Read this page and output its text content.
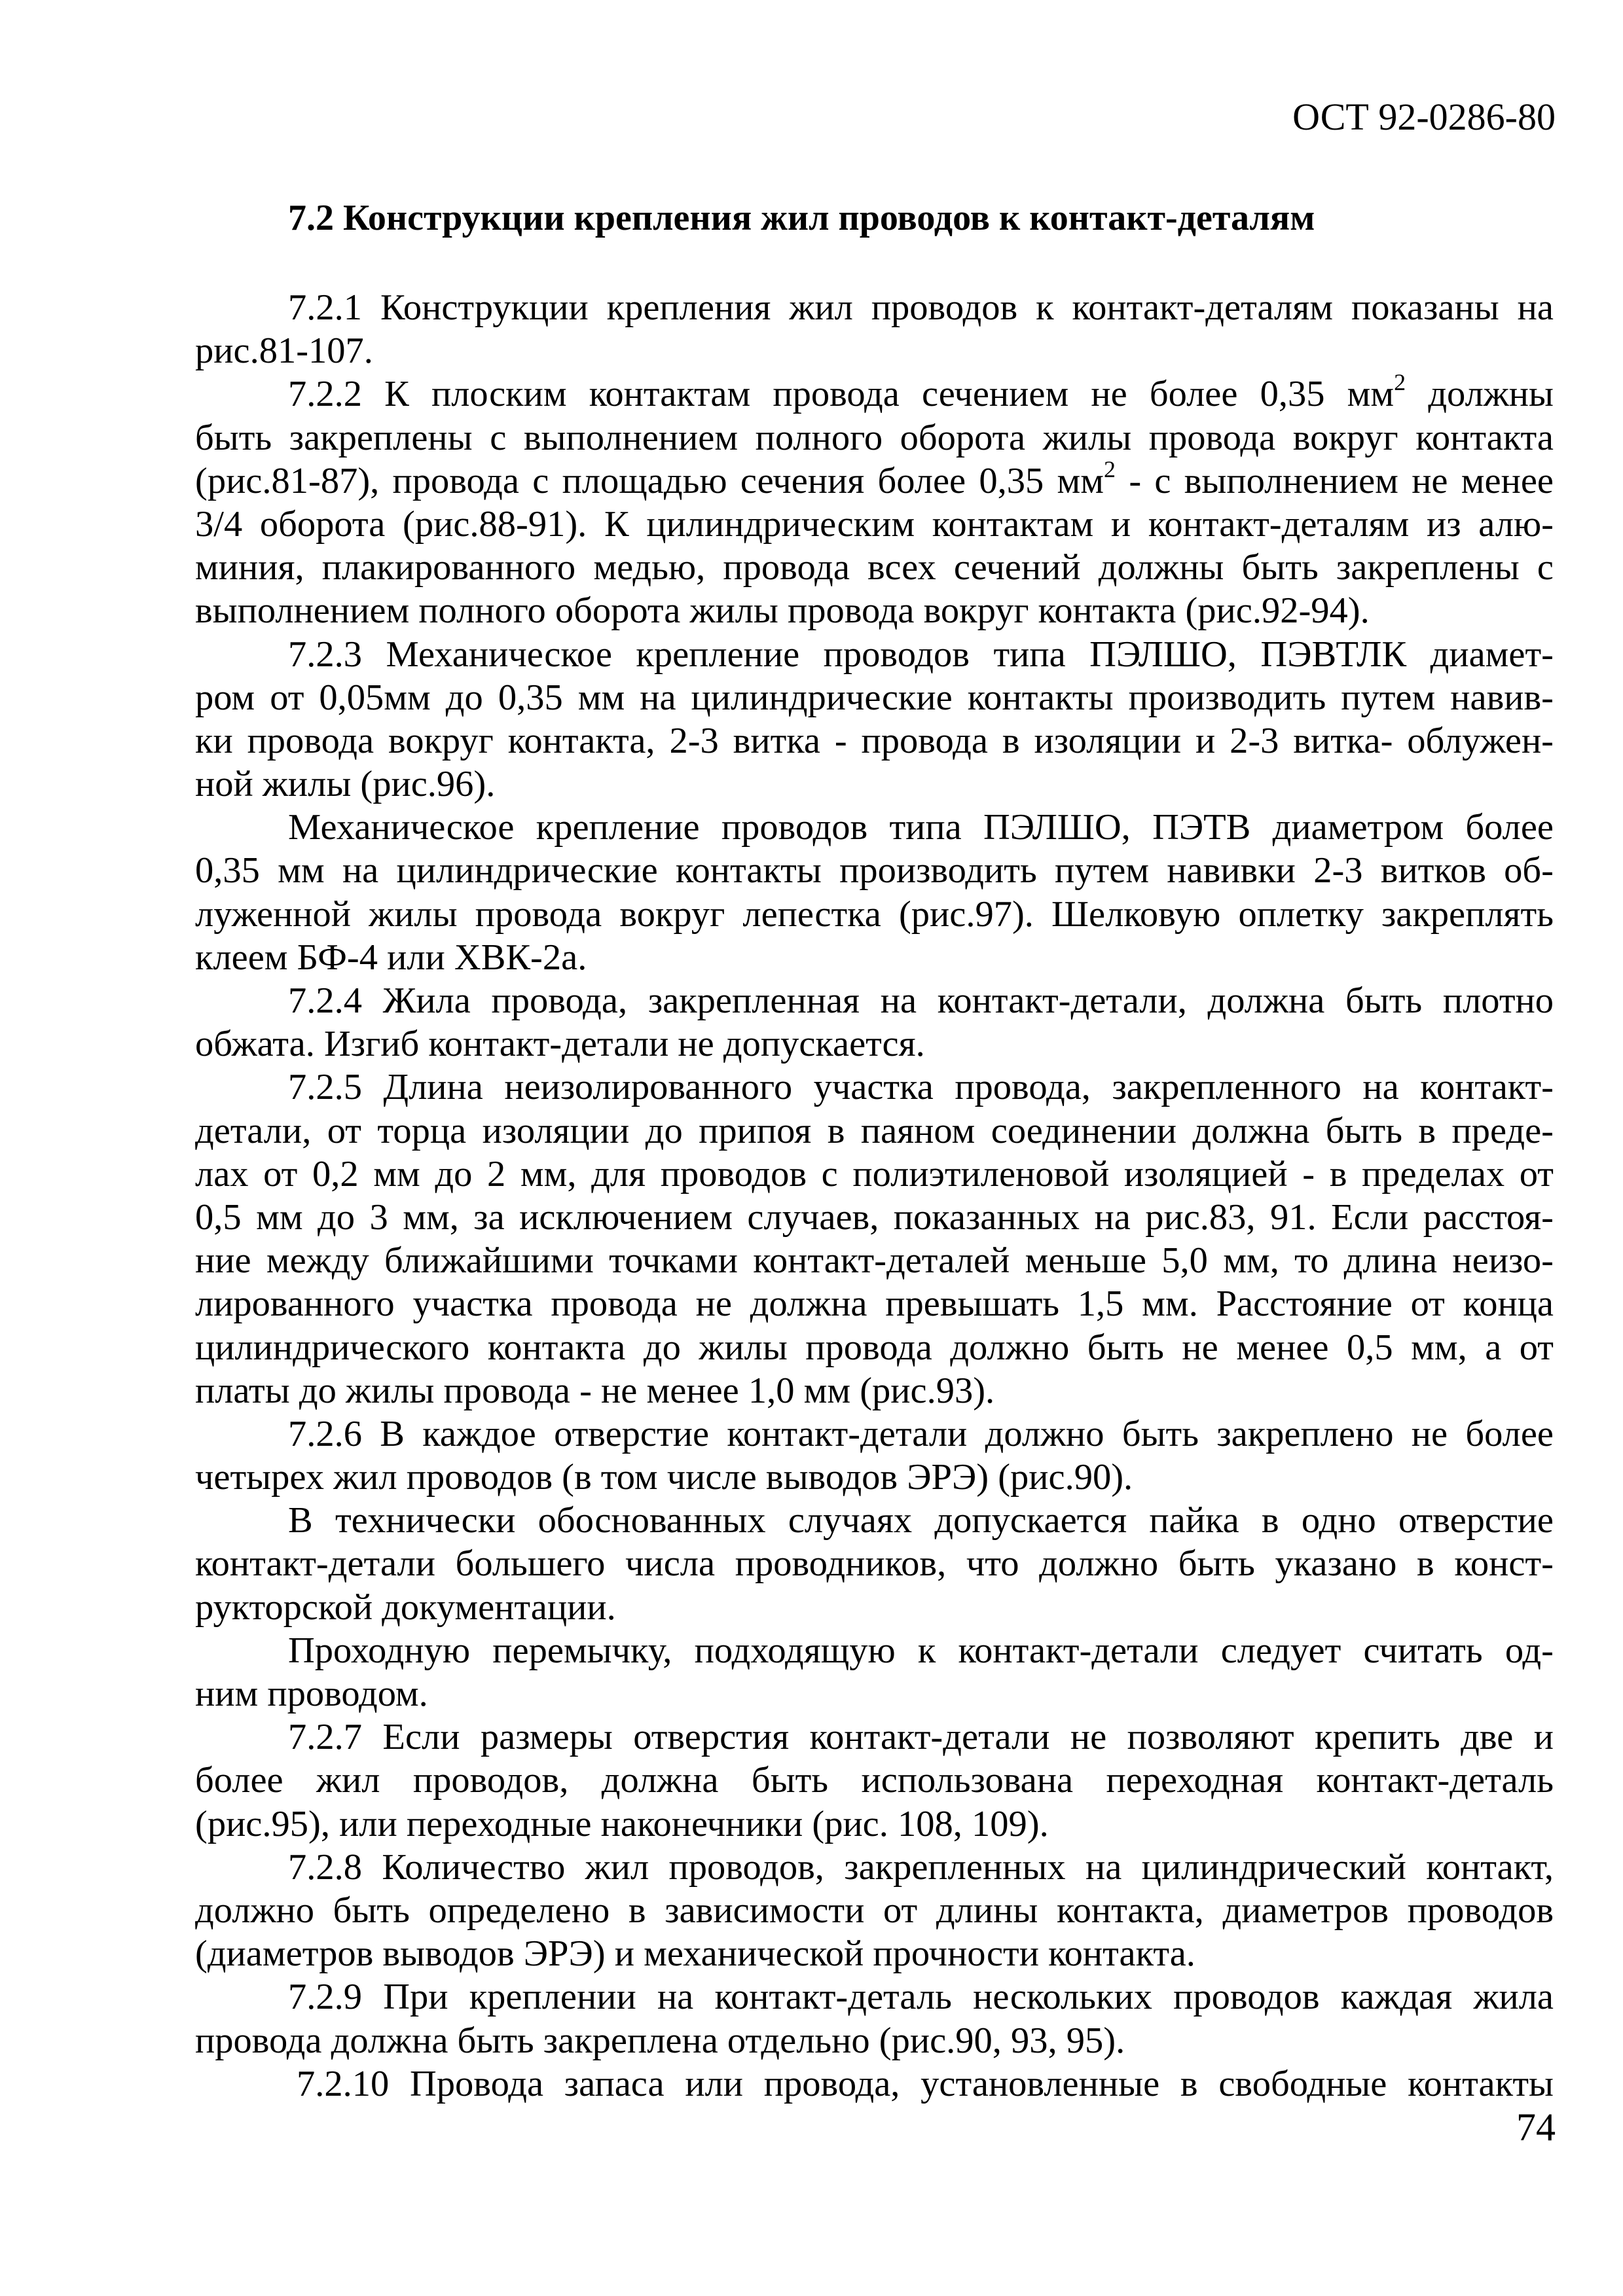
ОСТ 92-0286-80
7.2 Конструкции крепления жил проводов к контакт-деталям
7.2.1 Конструкции крепления жил проводов к контакт-деталям показаны на
рис.81-107.
7.2.2 К плоским контактам провода сечением не более 0,35 $мм^2$ должны
быть закреплены с выполнением полного оборота жилы провода вокруг контакта
(рис.81-87), провода с площадью сечения более 0,35 $мм^2$ - с выполнением не менее
3/4 оборота (рис.88-91). К цилиндрическим контактам и контакт-деталям из алю-
миния, плакированного медью, провода всех сечений должны быть закреплены с
выполнением полного оборота жилы провода вокруг контакта (рис.92-94).
7.2.3 Механическое крепление проводов типа ПЭЛШО, ПЭВТЛК диамет-
ром от 0,05мм до 0,35 мм на цилиндрические контакты производить путем навив-
ки провода вокруг контакта, 2-3 витка - провода в изоляции и 2-3 витка- облужен-
ной жилы (рис.96).
Механическое крепление проводов типа ПЭЛШО, ПЭТВ диаметром более
0,35 мм на цилиндрические контакты производить путем навивки 2-3 витков об-
луженной жилы провода вокруг лепестка (рис.97). Шелковую оплетку закреплять
клеем БФ-4 или ХВК-2а.
7.2.4 Жила провода, закрепленная на контакт-детали, должна быть плотно
обжата. Изгиб контакт-детали не допускается.
7.2.5 Длина неизолированного участка провода, закрепленного на контакт-
детали, от торца изоляции до припоя в паяном соединении должна быть в преде-
лах от 0,2 мм до 2 мм, для проводов с полиэтиленовой изоляцией - в пределах от
0,5 мм до 3 мм, за исключением случаев, показанных на рис.83, 91. Если расстоя-
ние между ближайшими точками контакт-деталей меньше 5,0 мм, то длина неизо-
лированного участка провода не должна превышать 1,5 мм. Расстояние от конца
цилиндрического контакта до жилы провода должно быть не менее 0,5 мм, а от
платы до жилы провода - не менее 1,0 мм (рис.93).
7.2.6 В каждое отверстие контакт-детали должно быть закреплено не более
четырех жил проводов (в том числе выводов ЭРЭ) (рис.90).
В технически обоснованных случаях допускается пайка в одно отверстие
контакт-детали большего числа проводников, что должно быть указано в конст-
рукторской документации.
Проходную перемычку, подходящую к контакт-детали следует считать од-
ним проводом.
7.2.7 Если размеры отверстия контакт-детали не позволяют крепить две и
более жил проводов, должна быть использована переходная контакт-деталь
(рис.95), или переходные наконечники (рис. 108, 109).
7.2.8 Количество жил проводов, закрепленных на цилиндрический контакт,
должно быть определено в зависимости от длины контакта, диаметров проводов
(диаметров выводов ЭРЭ) и механической прочности контакта.
7.2.9 При креплении на контакт-деталь нескольких проводов каждая жила
провода должна быть закреплена отдельно (рис.90, 93, 95).
7.2.10 Провода запаса или провода, установленные в свободные контакты
74
